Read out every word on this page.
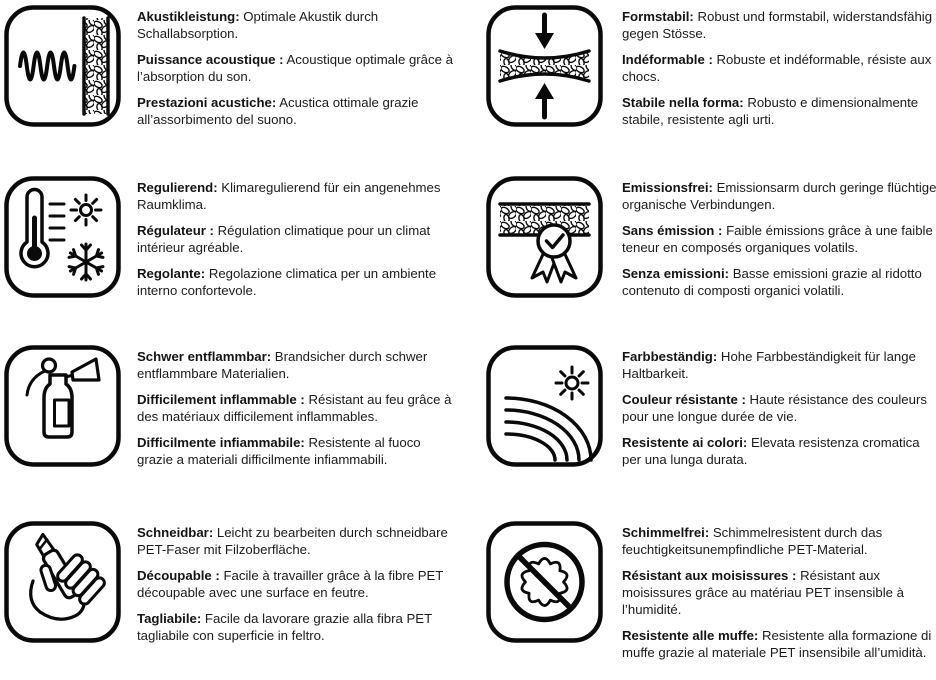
Akustikleistung: Optimale Akustik durch Schallabsorption.

Puissance acoustique : Acoustique optimale grâce à l’absorption du son.

Prestazioni acustiche: Acustica ottimale grazie all’assorbimento del suono.

Formstabil: Robust und formstabil, widerstandsfähig gegen Stösse.

Indéformable : Robuste et indéformable, résiste aux chocs.

Stabile nella forma: Robusto e dimensionalmente stabile, resistente agli urti.

Regulierend: Klimaregulierend für ein angenehmes Raumklima.

Régulateur : Régulation climatique pour un climat intérieur agréable.

Regolante: Regolazione climatica per un ambiente interno confortevole.

Emissionsfrei: Emissionsarm durch geringe flüchtige organische Verbindungen.

Sans émission : Faible émissions grâce à une faible teneur en composés organiques volatils.

Senza emissioni: Basse emissioni grazie al ridotto contenuto di composti organici volatili.

Schwer entflammbar: Brandsicher durch schwer entflammbare Materialien.

Difficilement inflammable : Résistant au feu grâce à des matériaux difficilement inflammables.

Difficilmente infiammabile: Resistente al fuoco grazie a materiali difficilmente infiammabili.

Farbbeständig: Hohe Farbbeständigkeit für lange Haltbarkeit.

Couleur résistante : Haute résistance des couleurs pour une longue durée de vie.

Resistente ai colori: Elevata resistenza cromatica per una lunga durata.

Schneidbar: Leicht zu bearbeiten durch schneidbare PET-Faser mit Filzoberfläche.

Découpable : Facile à travailler grâce à la fibre PET découpable avec une surface en feutre.

Tagliabile: Facile da lavorare grazie alla fibra PET tagliabile con superficie in feltro.

Schimmelfrei: Schimmelresistent durch das feuchtigkeitsunempfindliche PET-Material.

Résistant aux moisissures : Résistant aux moisissures grâce au matériau PET insensible à l’humidité.

Resistente alle muffe: Resistente alla formazione di muffe grazie al materiale PET insensibile all’umidità.
